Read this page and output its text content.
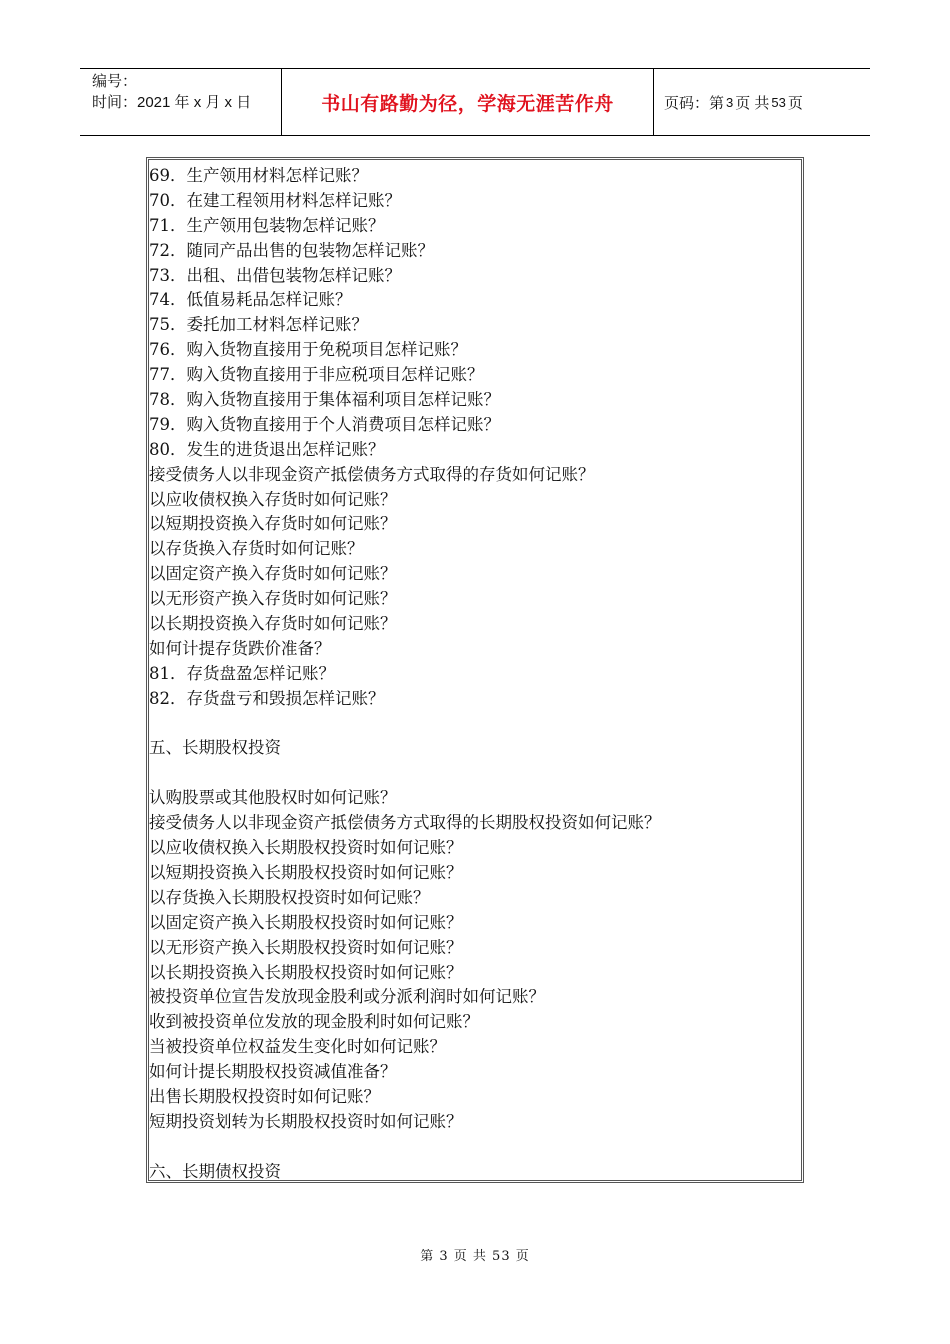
编号：
时间：2021 年 x 月 x 日	书山有路勤为径，学海无涯苦作舟	页码：第 3 页 共 53 页
69．生产领用材料怎样记账？
70．在建工程领用材料怎样记账？
71．生产领用包装物怎样记账？
72．随同产品出售的包装物怎样记账？
73．出租、出借包装物怎样记账？
74．低值易耗品怎样记账？
75．委托加工材料怎样记账？
76．购入货物直接用于免税项目怎样记账？
77．购入货物直接用于非应税项目怎样记账？
78．购入货物直接用于集体福利项目怎样记账？
79．购入货物直接用于个人消费项目怎样记账？
80．发生的进货退出怎样记账？
接受债务人以非现金资产抵偿债务方式取得的存货如何记账？
以应收债权换入存货时如何记账？
以短期投资换入存货时如何记账？
以存货换入存货时如何记账？
以固定资产换入存货时如何记账？
以无形资产换入存货时如何记账？
以长期投资换入存货时如何记账？
如何计提存货跌价准备？
81．存货盘盈怎样记账？
82．存货盘亏和毁损怎样记账？
五、长期股权投资
认购股票或其他股权时如何记账？
接受债务人以非现金资产抵偿债务方式取得的长期股权投资如何记账？
以应收债权换入长期股权投资时如何记账？
以短期投资换入长期股权投资时如何记账？
以存货换入长期股权投资时如何记账？
以固定资产换入长期股权投资时如何记账？
以无形资产换入长期股权投资时如何记账？
以长期投资换入长期股权投资时如何记账？
被投资单位宣告发放现金股利或分派利润时如何记账？
收到被投资单位发放的现金股利时如何记账？
当被投资单位权益发生变化时如何记账？
如何计提长期股权投资减值准备？
出售长期股权投资时如何记账？
短期投资划转为长期股权投资时如何记账？
六、长期债权投资
第 3 页 共 53 页
